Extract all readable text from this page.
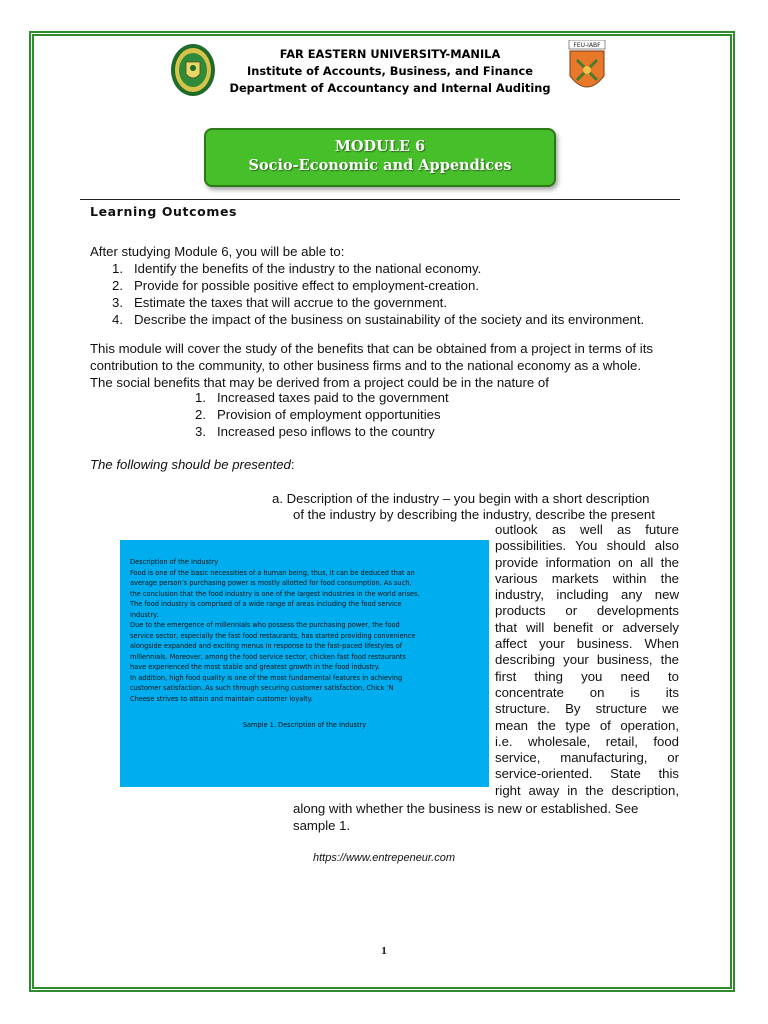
FEU-IABF
FAR EASTERN UNIVERSITY-MANILA
Institute of Accounts, Business, and Finance
Department of Accountancy and Internal Auditing
MODULE 6
Socio-Economic and Appendices
Learning Outcomes
After studying Module 6, you will be able to:
1. Identify the benefits of the industry to the national economy.
2. Provide for possible positive effect to employment-creation.
3. Estimate the taxes that will accrue to the government.
4. Describe the impact of the business on sustainability of the society and its environment.
This module will cover the study of the benefits that can be obtained from a project in terms of its
contribution to the community, to other business firms and to the national economy as a whole.
The social benefits that may be derived from a project could be in the nature of
1. Increased taxes paid to the government
2. Provision of employment opportunities
3. Increased peso inflows to the country
The following should be presented:
a. Description of the industry – you begin with a short description
of the industry by describing the industry, describe the present
outlook as well as future
possibilities. You should also
provide information on all the
various markets within the
industry, including any new
products or developments
that will benefit or adversely
affect your business. When
describing your business, the
first thing you need to
concentrate on is its
structure. By structure we
mean the type of operation,
i.e. wholesale, retail, food
service, manufacturing, or
service-oriented. State this
right away in the description,
Description of the Industry
Food is one of the basic necessities of a human being, thus, it can be deduced that an
average person’s purchasing power is mostly allotted for food consumption. As such,
the conclusion that the food industry is one of the largest industries in the world arises.
The food industry is comprised of a wide range of areas including the food service
industry.
Due to the emergence of millennials who possess the purchasing power, the food
service sector, especially the fast food restaurants, has started providing convenience
alongside expanded and exciting menus in response to the fast-paced lifestyles of
millennials. Moreover, among the food service sector, chicken fast food restaurants
have experienced the most stable and greatest growth in the food industry.
In addition, high food quality is one of the most fundamental features in achieving
customer satisfaction. As such through securing customer satisfaction, Chick ’N
Cheese strives to attain and maintain customer loyalty.
Sample 1. Description of the Industry
along with whether the business is new or established. See
sample 1.
https://www.entrepeneur.com
1
